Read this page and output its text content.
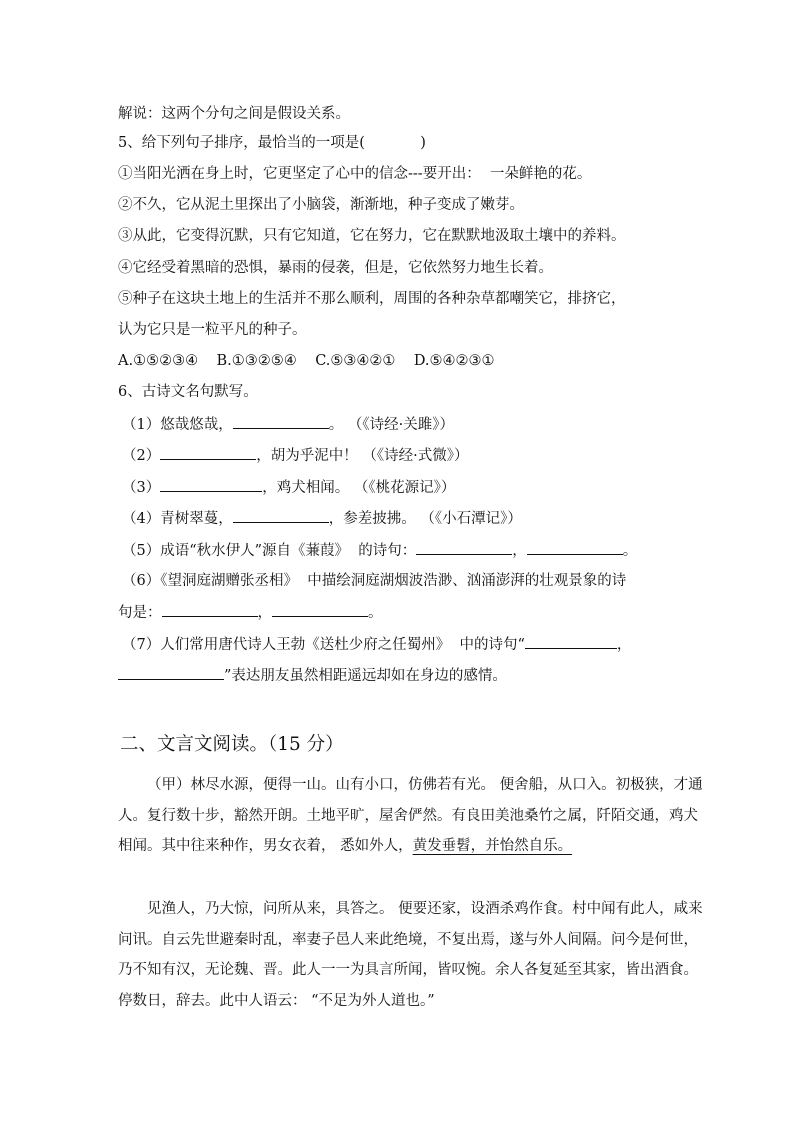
解说：这两个分句之间是假设关系。
5、给下列句子排序，最恰当的一项是(            )
①当阳光洒在身上时，它更坚定了心中的信念---要开出：  一朵鲜艳的花。
②不久，它从泥土里探出了小脑袋，渐渐地，种子变成了嫩芽。
③从此，它变得沉默，只有它知道，它在努力，它在默默地汲取土壤中的养料。
④它经受着黑暗的恐惧，暴雨的侵袭，但是，它依然努力地生长着。
⑤种子在这块土地上的生活并不那么顺利，周围的各种杂草都嘲笑它，排挤它，
认为它只是一粒平凡的种子。
A.①⑤②③④    B.①③②⑤④    C.⑤③④②①    D.⑤④②③①
6、古诗文名句默写。
（1）悠哉悠哉，	。 （《诗经·关雎》）
（2）	，胡为乎泥中！ （《诗经·式微》）
（3）	，鸡犬相闻。 （《桃花源记》）
（4）青树翠蔓，	，参差披拂。 （《小石潭记》）
（5）成语“秋水伊人”源自《蒹葭》  的诗句：	，	。
（6）《望洞庭湖赠张丞相》  中描绘洞庭湖烟波浩渺、汹涌澎湃的壮观景象的诗
句是：	，	。
（7）人们常用唐代诗人王勃《送杜少府之任蜀州》  中的诗句“	，
”表达朋友虽然相距遥远却如在身边的感情。
二、文言文阅读。（15 分）

（甲）林尽水源，便得一山。山有小口，仿佛若有光。 便舍船，从口入。初极狭，才通人。复行数十步，豁然开朗。土地平旷，屋舍俨然。有良田美池桑竹之属，阡陌交通，鸡犬相闻。其中往来种作，男女衣着， 悉如外人，黄发垂髫，并怡然自乐。

见渔人，乃大惊，问所从来，具答之。 便要还家，设酒杀鸡作食。村中闻有此人，咸来问讯。自云先世避秦时乱，率妻子邑人来此绝境，不复出焉，遂与外人间隔。问今是何世，乃不知有汉，无论魏、晋。此人一一为具言所闻，皆叹惋。余人各复延至其家，皆出酒食。停数日，辞去。此中人语云： “不足为外人道也。”
